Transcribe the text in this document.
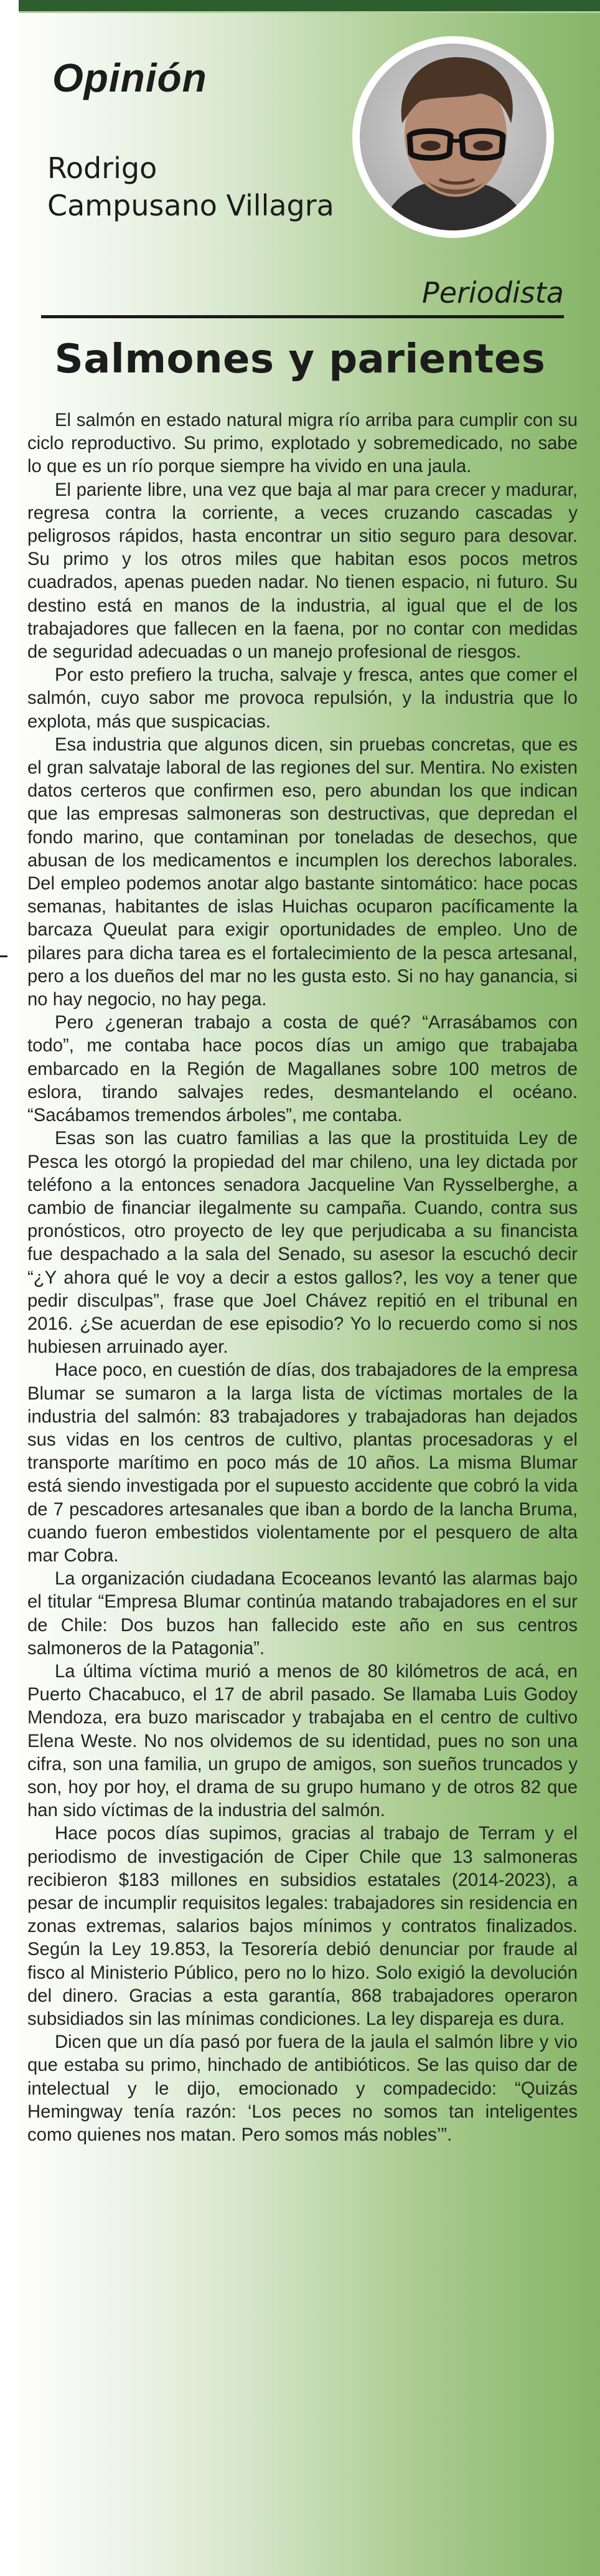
Opinión
Rodrigo
Campusano Villagra
Periodista
Salmones y parientes

El salmón en estado natural migra río arriba para cumplir con su ciclo reproductivo. Su primo, explotado y sobremedicado, no sabe lo que es un río porque siempre ha vivido en una jaula.

El pariente libre, una vez que baja al mar para crecer y madurar, regresa contra la corriente, a veces cruzando cascadas y peligrosos rápidos, hasta encontrar un sitio seguro para desovar. Su primo y los otros miles que habitan esos pocos metros cuadrados, apenas pueden nadar. No tienen espacio, ni futuro. Su destino está en manos de la industria, al igual que el de los trabajadores que fallecen en la faena, por no contar con medidas de seguridad adecuadas o un manejo profesional de riesgos.

Por esto prefiero la trucha, salvaje y fresca, antes que comer el salmón, cuyo sabor me provoca repulsión, y la industria que lo explota, más que suspicacias.

Esa industria que algunos dicen, sin pruebas concretas, que es el gran salvataje laboral de las regiones del sur. Mentira. No existen datos certeros que confirmen eso, pero abundan los que indican que las empresas salmoneras son destructivas, que depredan el fondo marino, que contaminan por toneladas de desechos, que abusan de los medicamentos e incumplen los derechos laborales. Del empleo podemos anotar algo bastante sintomático: hace pocas semanas, habitantes de islas Huichas ocuparon pacíficamente la barcaza Queulat para exigir oportunidades de empleo. Uno de pilares para dicha tarea es el fortalecimiento de la pesca artesanal, pero a los dueños del mar no les gusta esto. Si no hay ganancia, si no hay negocio, no hay pega.

Pero ¿generan trabajo a costa de qué? “Arrasábamos con todo”, me contaba hace pocos días un amigo que trabajaba embarcado en la Región de Magallanes sobre 100 metros de eslora, tirando salvajes redes, desmantelando el océano. “Sacábamos tremendos árboles”, me contaba.

Esas son las cuatro familias a las que la prostituida Ley de Pesca les otorgó la propiedad del mar chileno, una ley dictada por teléfono a la entonces senadora Jacqueline Van Rysselberghe, a cambio de financiar ilegalmente su campaña. Cuando, contra sus pronósticos, otro proyecto de ley que perjudicaba a su financista fue despachado a la sala del Senado, su asesor la escuchó decir “¿Y ahora qué le voy a decir a estos gallos?, les voy a tener que pedir disculpas”, frase que Joel Chávez repitió en el tribunal en 2016. ¿Se acuerdan de ese episodio? Yo lo recuerdo como si nos hubiesen arruinado ayer.

Hace poco, en cuestión de días, dos trabajadores de la empresa Blumar se sumaron a la larga lista de víctimas mortales de la industria del salmón: 83 trabajadores y trabajadoras han dejados sus vidas en los centros de cultivo, plantas procesadoras y el transporte marítimo en poco más de 10 años. La misma Blumar está siendo investigada por el supuesto accidente que cobró la vida de 7 pescadores artesanales que iban a bordo de la lancha Bruma, cuando fueron embestidos violentamente por el pesquero de alta mar Cobra.

La organización ciudadana Ecoceanos levantó las alarmas bajo el titular “Empresa Blumar continúa matando trabajadores en el sur de Chile: Dos buzos han fallecido este año en sus centros salmoneros de la Patagonia”.

La última víctima murió a menos de 80 kilómetros de acá, en Puerto Chacabuco, el 17 de abril pasado. Se llamaba Luis Godoy Mendoza, era buzo mariscador y trabajaba en el centro de cultivo Elena Weste. No nos olvidemos de su identidad, pues no son una cifra, son una familia, un grupo de amigos, son sueños truncados y son, hoy por hoy, el drama de su grupo humano y de otros 82 que han sido víctimas de la industria del salmón.

Hace pocos días supimos, gracias al trabajo de Terram y el periodismo de investigación de Ciper Chile que 13 salmoneras recibieron $183 millones en subsidios estatales (2014-2023), a pesar de incumplir requisitos legales: trabajadores sin residencia en zonas extremas, salarios bajos mínimos y contratos finalizados. Según la Ley 19.853, la Tesorería debió denunciar por fraude al fisco al Ministerio Público, pero no lo hizo. Solo exigió la devolución del dinero. Gracias a esta garantía, 868 trabajadores operaron subsidiados sin las mínimas condiciones. La ley dispareja es dura.

Dicen que un día pasó por fuera de la jaula el salmón libre y vio que estaba su primo, hinchado de antibióticos. Se las quiso dar de intelectual y le dijo, emocionado y compadecido: “Quizás Hemingway tenía razón: ‘Los peces no somos tan inteligentes como quienes nos matan. Pero somos más nobles’”.
